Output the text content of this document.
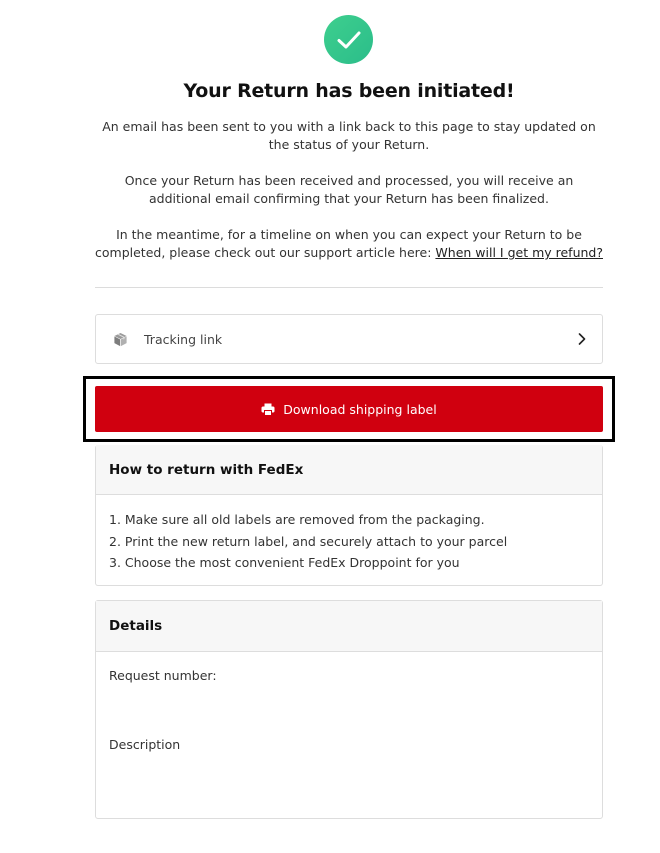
Your Return has been initiated!

An email has been sent to you with a link back to this page to stay updated on the status of your Return.

Once your Return has been received and processed, you will receive an additional email confirming that your Return has been finalized.

In the meantime, for a timeline on when you can expect your Return to be completed, please check out our support article here: When will I get my refund?

Tracking link
How to return with FedEx
1. Make sure all old labels are removed from the packaging.
2. Print the new return label, and securely attach to your parcel
3. Choose the most convenient FedEx Droppoint for you
Details
Request number:
Description
Download shipping label
